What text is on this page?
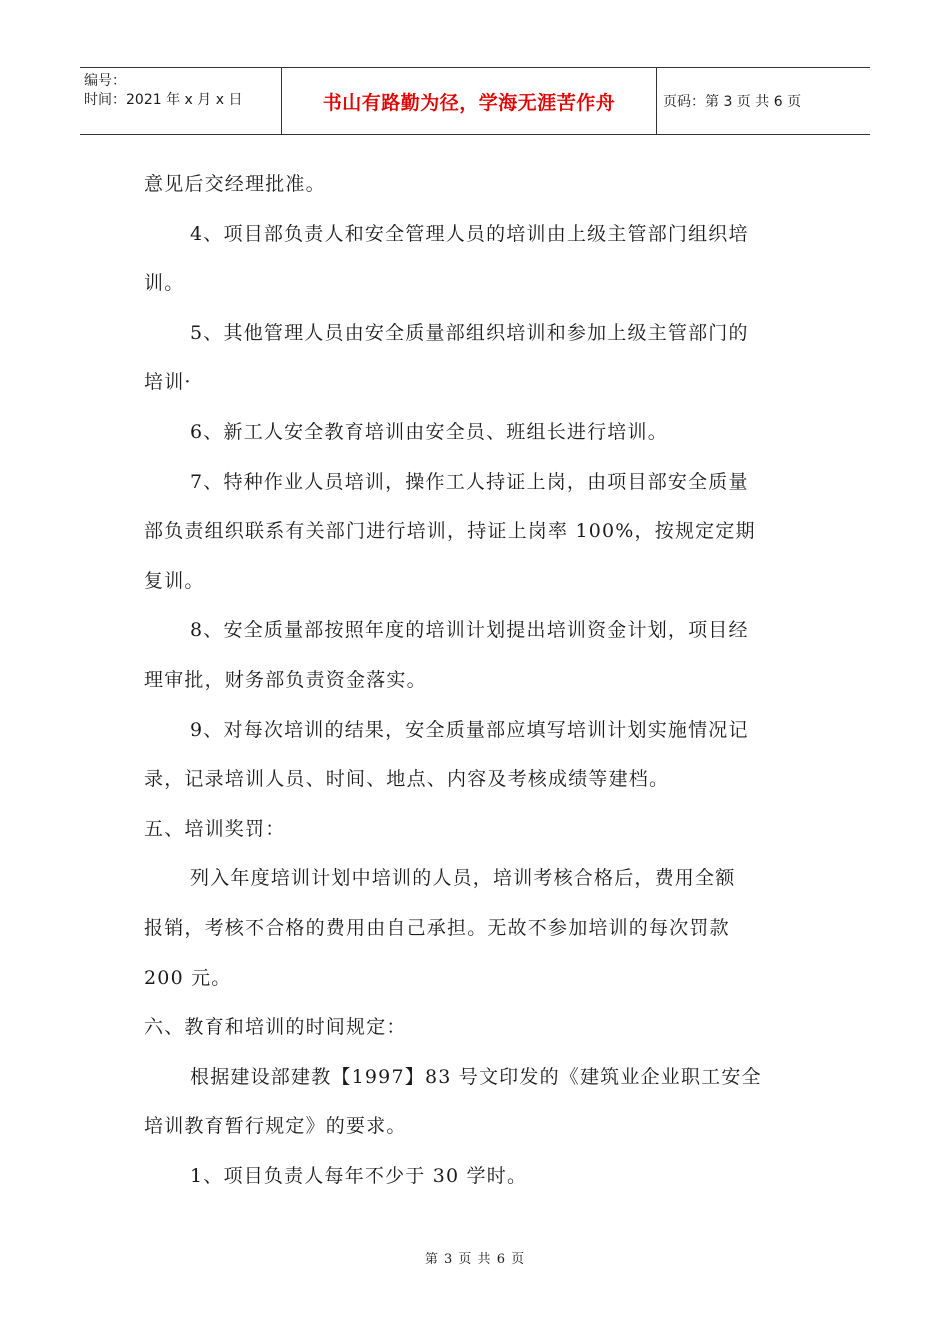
编号：
时间：2021 年 x 月 x 日	书山有路勤为径，学海无涯苦作舟	页码：第 3 页 共 6 页
意见后交经理批准。
4、项目部负责人和安全管理人员的培训由上级主管部门组织培
训。
5、其他管理人员由安全质量部组织培训和参加上级主管部门的
培训·
6、新工人安全教育培训由安全员、班组长进行培训。
7、特种作业人员培训，操作工人持证上岗，由项目部安全质量
部负责组织联系有关部门进行培训，持证上岗率 100%，按规定定期
复训。
8、安全质量部按照年度的培训计划提出培训资金计划，项目经
理审批，财务部负责资金落实。
9、对每次培训的结果，安全质量部应填写培训计划实施情况记
录，记录培训人员、时间、地点、内容及考核成绩等建档。
五、培训奖罚：
列入年度培训计划中培训的人员，培训考核合格后，费用全额
报销，考核不合格的费用由自己承担。无故不参加培训的每次罚款
200 元。
六、教育和培训的时间规定：
根据建设部建教【1997】83 号文印发的《建筑业企业职工安全
培训教育暂行规定》的要求。
1、项目负责人每年不少于 30 学时。
第 3 页 共 6 页
